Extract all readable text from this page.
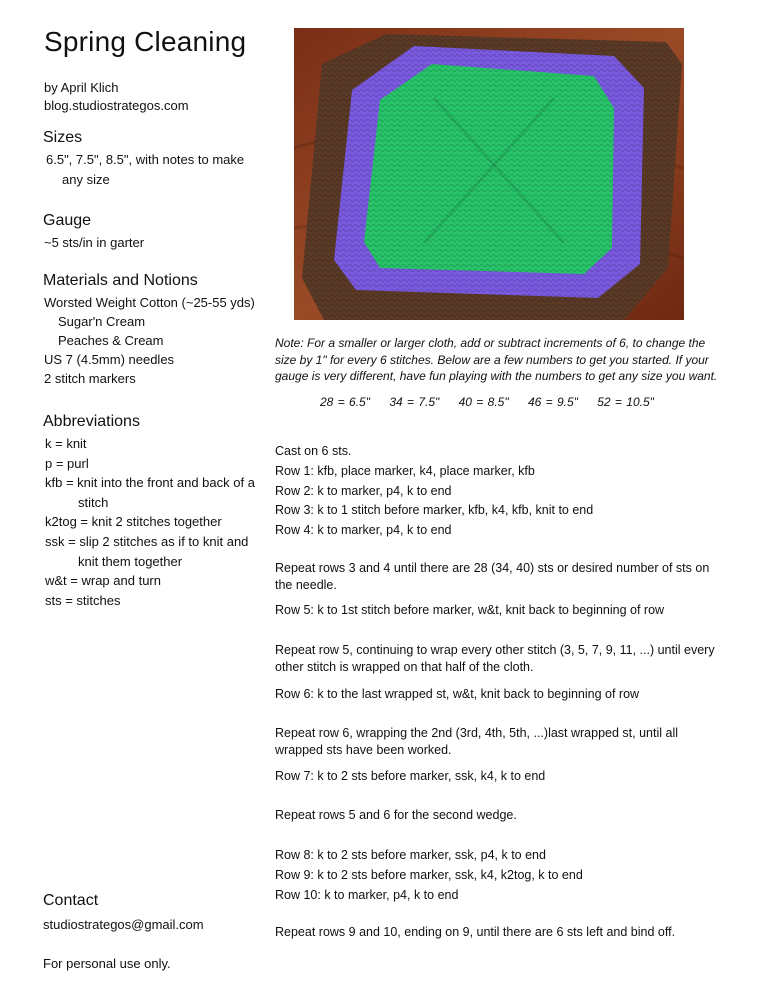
Spring Cleaning
by April Klich
blog.studiostrategos.com
Sizes
6.5", 7.5", 8.5", with notes to make
any size
Gauge
~5 sts/in in garter
Materials and Notions
Worsted Weight Cotton (~25-55 yds)
Sugar'n Cream
Peaches & Cream
US 7 (4.5mm) needles
2 stitch markers
Abbreviations
k = knit
p = purl
kfb = knit into the front and back of a
stitch
k2tog = knit 2 stitches together
ssk = slip 2 stitches as if to knit and
knit them together
w&t = wrap and turn
sts = stitches
Contact
studiostrategos@gmail.com
For personal use only.
Note: For a smaller or larger cloth, add or subtract increments of 6, to change the size by 1" for every 6 stitches. Below are a few numbers to get you started. If your gauge is very different, have fun playing with the numbers to get any size you want.
28 = 6.5" 34 = 7.5" 40 = 8.5" 46 = 9.5" 52 = 10.5"
Cast on 6 sts.
Row 1: kfb, place marker, k4, place marker, kfb
Row 2: k to marker, p4, k to end
Row 3: k to 1 stitch before marker, kfb, k4, kfb, knit to end
Row 4: k to marker, p4, k to end
Repeat rows 3 and 4 until there are 28 (34, 40) sts or desired number of sts on the needle.
Row 5: k to 1st stitch before marker, w&t, knit back to beginning of row
Repeat row 5, continuing to wrap every other stitch (3, 5, 7, 9, 11, ...) until every other stitch is wrapped on that half of the cloth.
Row 6: k to the last wrapped st, w&t, knit back to beginning of row
Repeat row 6, wrapping the 2nd (3rd, 4th, 5th, ...)last wrapped st, until all wrapped sts have been worked.
Row 7: k to 2 sts before marker, ssk, k4, k to end
Repeat rows 5 and 6 for the second wedge.
Row 8: k to 2 sts before marker, ssk, p4, k to end
Row 9: k to 2 sts before marker, ssk, k4, k2tog, k to end
Row 10: k to marker, p4, k to end
Repeat rows 9 and 10, ending on 9, until there are 6 sts left and bind off.
